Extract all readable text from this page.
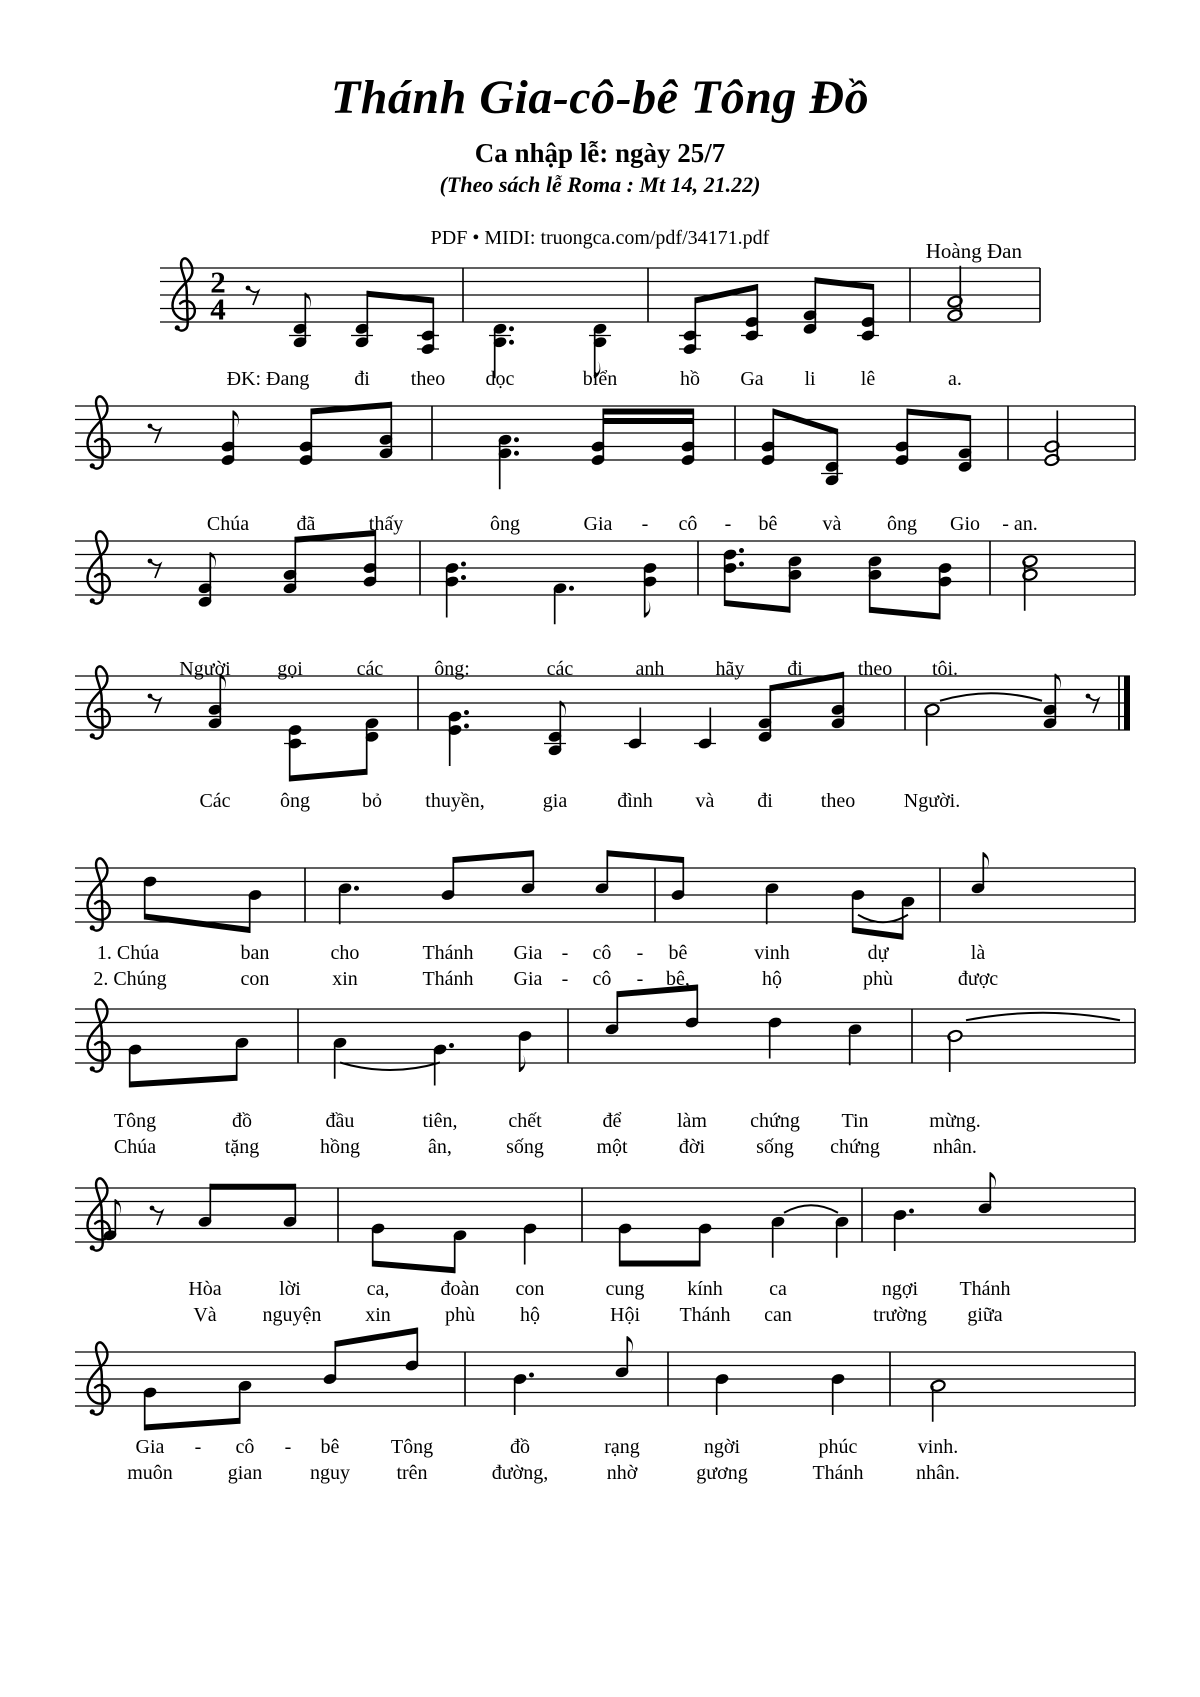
Thánh Gia-cô-bê Tông Đồ
Ca nhập lễ: ngày 25/7
(Theo sách lễ Roma : Mt 14, 21.22)
PDF • MIDI: truongca.com/pdf/34171.pdf
Hoàng Đan
2
4
ĐK: Đang đi theo dọc	biển	hồ Ga li lê	a.
Chúa đã	thấy	ông	Gia - cô - bê và ông Gio - an.
Người gọi	các	ông:	các	anh	hãy đi	theo tôi.
Các ông	bỏ thuyền,	gia	đình và đi theo Người.
1. Chúa	ban	cho	Thánh Gia - cô - bê	vinh	dự	là
2. Chúng	con	xin	Thánh Gia - cô - bê,	hộ	phù	được
Tông	đồ	đầu	tiên,	chết	để	làm chứng Tin	mừng.
Chúa	tặng	hồng	ân,	sống	một	đời	sống chứng	nhân.
Hòa	lời	ca,	đoàn con	cung kính ca	ngợi Thánh
Và nguyện xin	phù hộ	Hội Thánh can	trường giữa
Gia - cô - bê	Tông	đồ	rạng	ngời	phúc	vinh.
muôn	gian nguy trên	đường,	nhờ	gương	Thánh	nhân.
